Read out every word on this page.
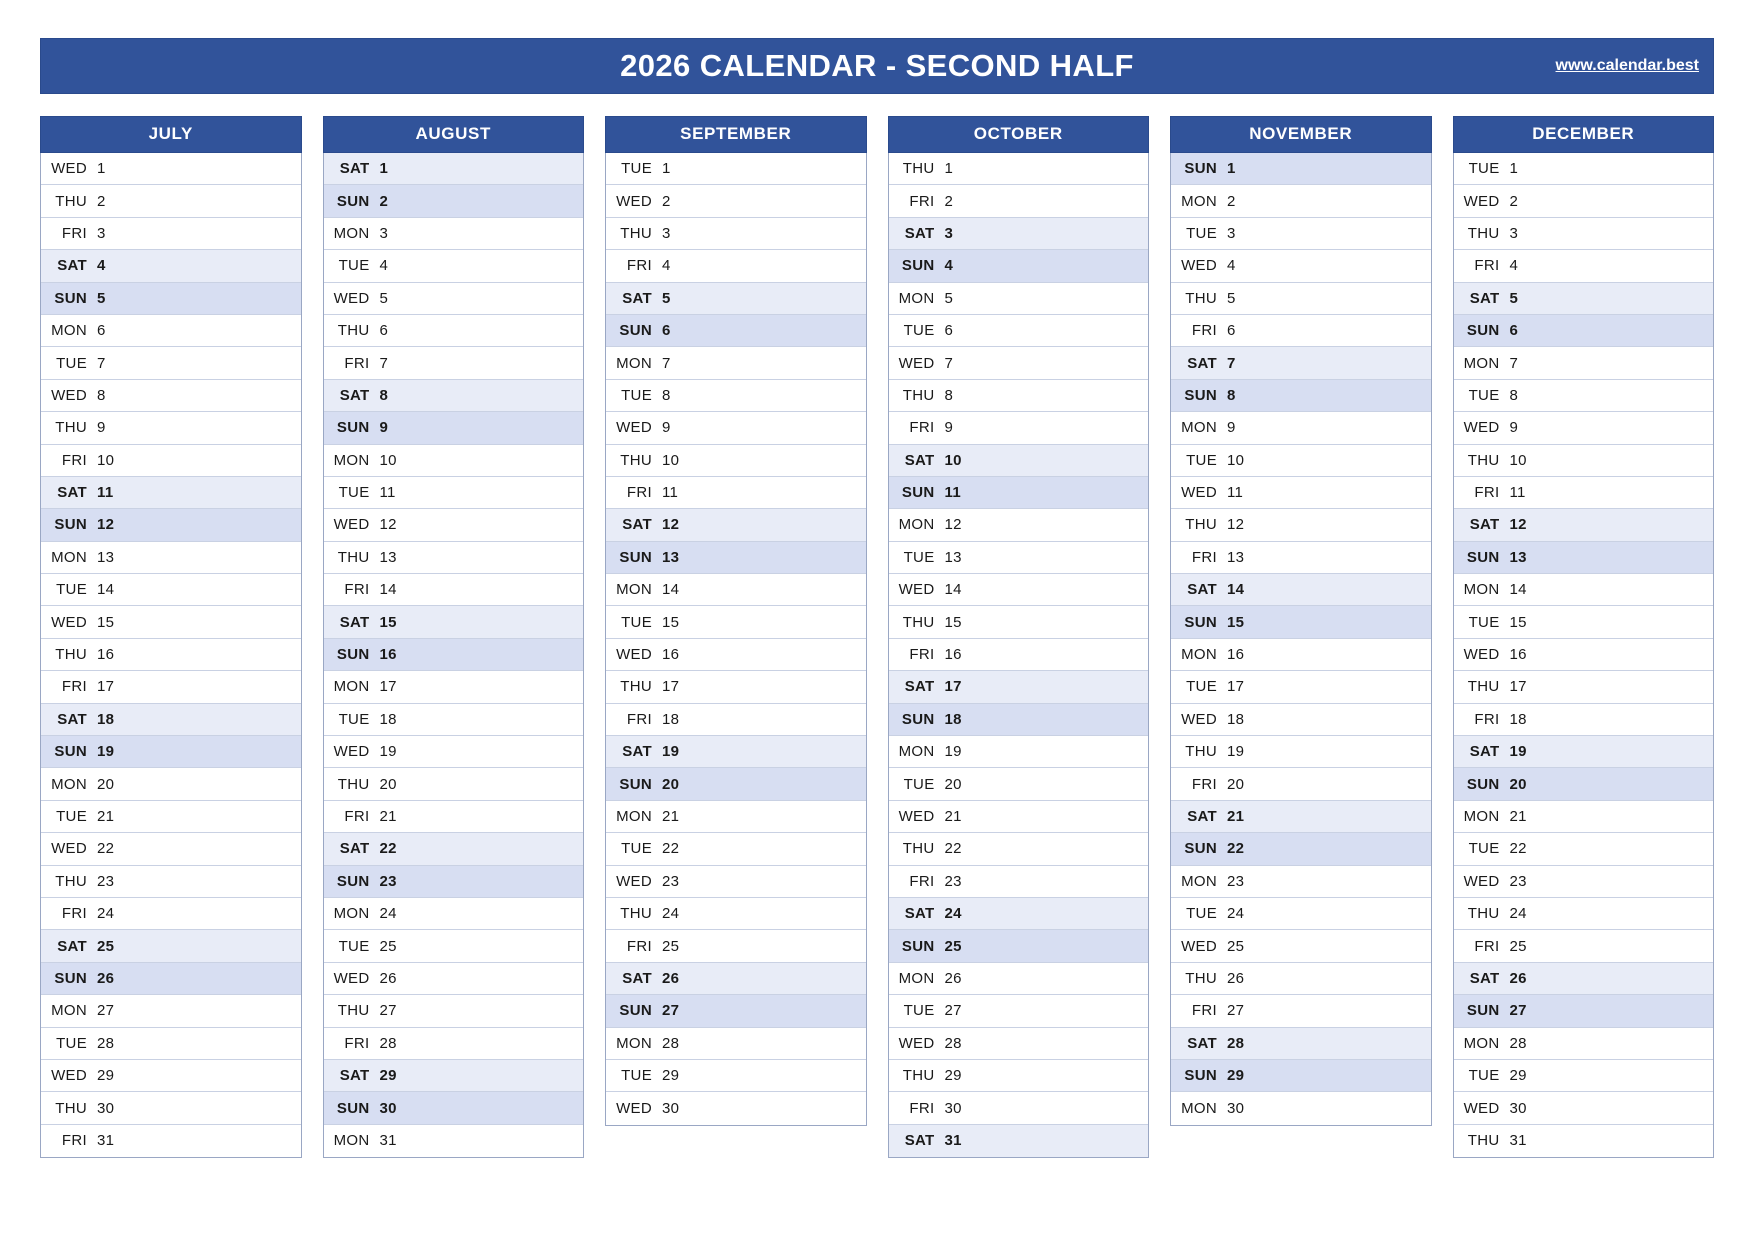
2026 CALENDAR - SECOND HALF	www.calendar.best
JULY
WED 1
THU 2
FRI 3
SAT 4
SUN 5
MON 6
TUE 7
WED 8
THU 9
FRI 10
SAT 11
SUN 12
MON 13
TUE 14
WED 15
THU 16
FRI 17
SAT 18
SUN 19
MON 20
TUE 21
WED 22
THU 23
FRI 24
SAT 25
SUN 26
MON 27
TUE 28
WED 29
THU 30
FRI 31
AUGUST
SAT 1
SUN 2
MON 3
TUE 4
WED 5
THU 6
FRI 7
SAT 8
SUN 9
MON 10
TUE 11
WED 12
THU 13
FRI 14
SAT 15
SUN 16
MON 17
TUE 18
WED 19
THU 20
FRI 21
SAT 22
SUN 23
MON 24
TUE 25
WED 26
THU 27
FRI 28
SAT 29
SUN 30
MON 31
SEPTEMBER
TUE 1
WED 2
THU 3
FRI 4
SAT 5
SUN 6
MON 7
TUE 8
WED 9
THU 10
FRI 11
SAT 12
SUN 13
MON 14
TUE 15
WED 16
THU 17
FRI 18
SAT 19
SUN 20
MON 21
TUE 22
WED 23
THU 24
FRI 25
SAT 26
SUN 27
MON 28
TUE 29
WED 30
OCTOBER
THU 1
FRI 2
SAT 3
SUN 4
MON 5
TUE 6
WED 7
THU 8
FRI 9
SAT 10
SUN 11
MON 12
TUE 13
WED 14
THU 15
FRI 16
SAT 17
SUN 18
MON 19
TUE 20
WED 21
THU 22
FRI 23
SAT 24
SUN 25
MON 26
TUE 27
WED 28
THU 29
FRI 30
SAT 31
NOVEMBER
SUN 1
MON 2
TUE 3
WED 4
THU 5
FRI 6
SAT 7
SUN 8
MON 9
TUE 10
WED 11
THU 12
FRI 13
SAT 14
SUN 15
MON 16
TUE 17
WED 18
THU 19
FRI 20
SAT 21
SUN 22
MON 23
TUE 24
WED 25
THU 26
FRI 27
SAT 28
SUN 29
MON 30
DECEMBER
TUE 1
WED 2
THU 3
FRI 4
SAT 5
SUN 6
MON 7
TUE 8
WED 9
THU 10
FRI 11
SAT 12
SUN 13
MON 14
TUE 15
WED 16
THU 17
FRI 18
SAT 19
SUN 20
MON 21
TUE 22
WED 23
THU 24
FRI 25
SAT 26
SUN 27
MON 28
TUE 29
WED 30
THU 31
